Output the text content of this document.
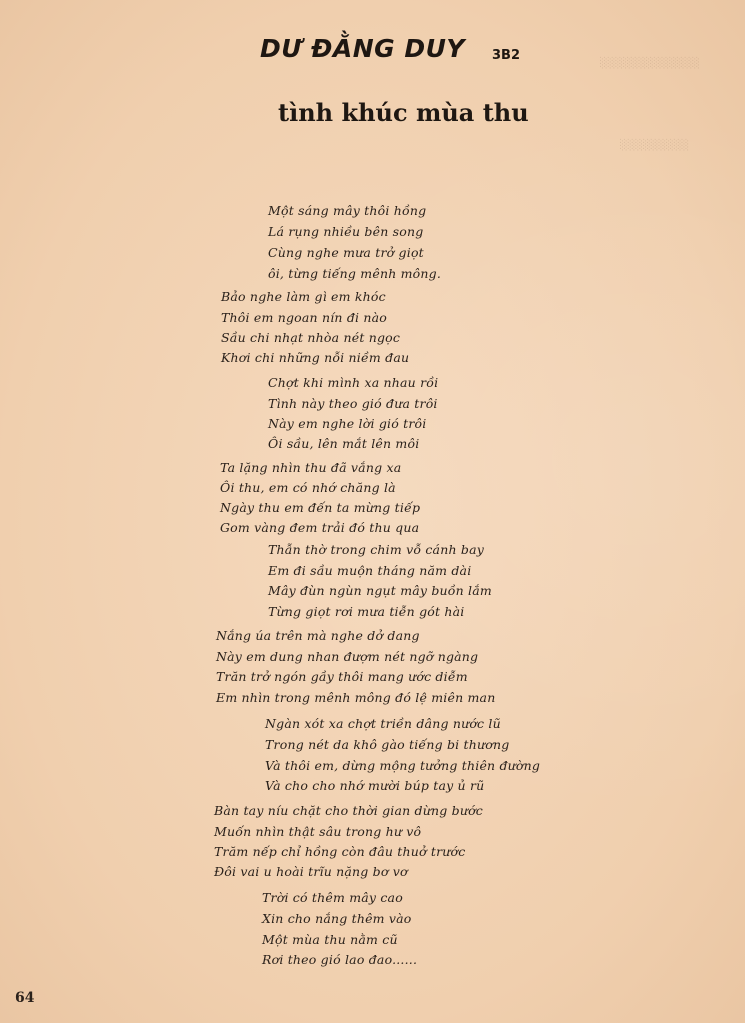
░░░░░░░░░░░░░
░░░░░░░░░
DƯ ĐẰNG DUY 3B2
tình khúc mùa thu
Một sáng mây thôi hồng
Lá rụng nhiều bên song
Cùng nghe mưa trở giọt
ôi, từng tiếng mênh mông.
Bảo nghe làm gì em khóc
Thôi em ngoan nín đi nào
Sầu chi nhạt nhòa nét ngọc
Khơi chi những nỗi niềm đau
Chợt khi mình xa nhau rồi
Tình này theo gió đưa trôi
Này em nghe lời gió trôi
Ôi sầu, lên mắt lên môi
Ta lặng nhìn thu đã vắng xa
Ôi thu, em có nhớ chăng là
Ngày thu em đến ta mừng tiếp
Gom vàng đem trải đó thu qua
Thẫn thờ trong chim vỗ cánh bay
Em đi sầu muộn tháng năm dài
Mây đùn ngùn ngụt mây buồn lắm
Từng giọt rơi mưa tiễn gót hài
Nắng úa trên mà nghe dở dang
Này em dung nhan đượm nét ngỡ ngàng
Trăn trở ngón gầy thôi mang ước diễm
Em nhìn trong mênh mông đó lệ miên man
Ngàn xót xa chợt triền dâng nước lũ
Trong nét da khô gào tiếng bi thương
Và thôi em, dừng mộng tưởng thiên đường
Và cho cho nhớ mười búp tay ủ rũ
Bàn tay níu chặt cho thời gian dừng bước
Muốn nhìn thật sâu trong hư vô
Trăm nếp chỉ hồng còn đâu thuở trước
Đôi vai u hoài trĩu nặng bơ vơ
Trời có thêm mây cao
Xin cho nắng thêm vào
Một mùa thu nằm cũ
Rơi theo gió lao đao......
64
